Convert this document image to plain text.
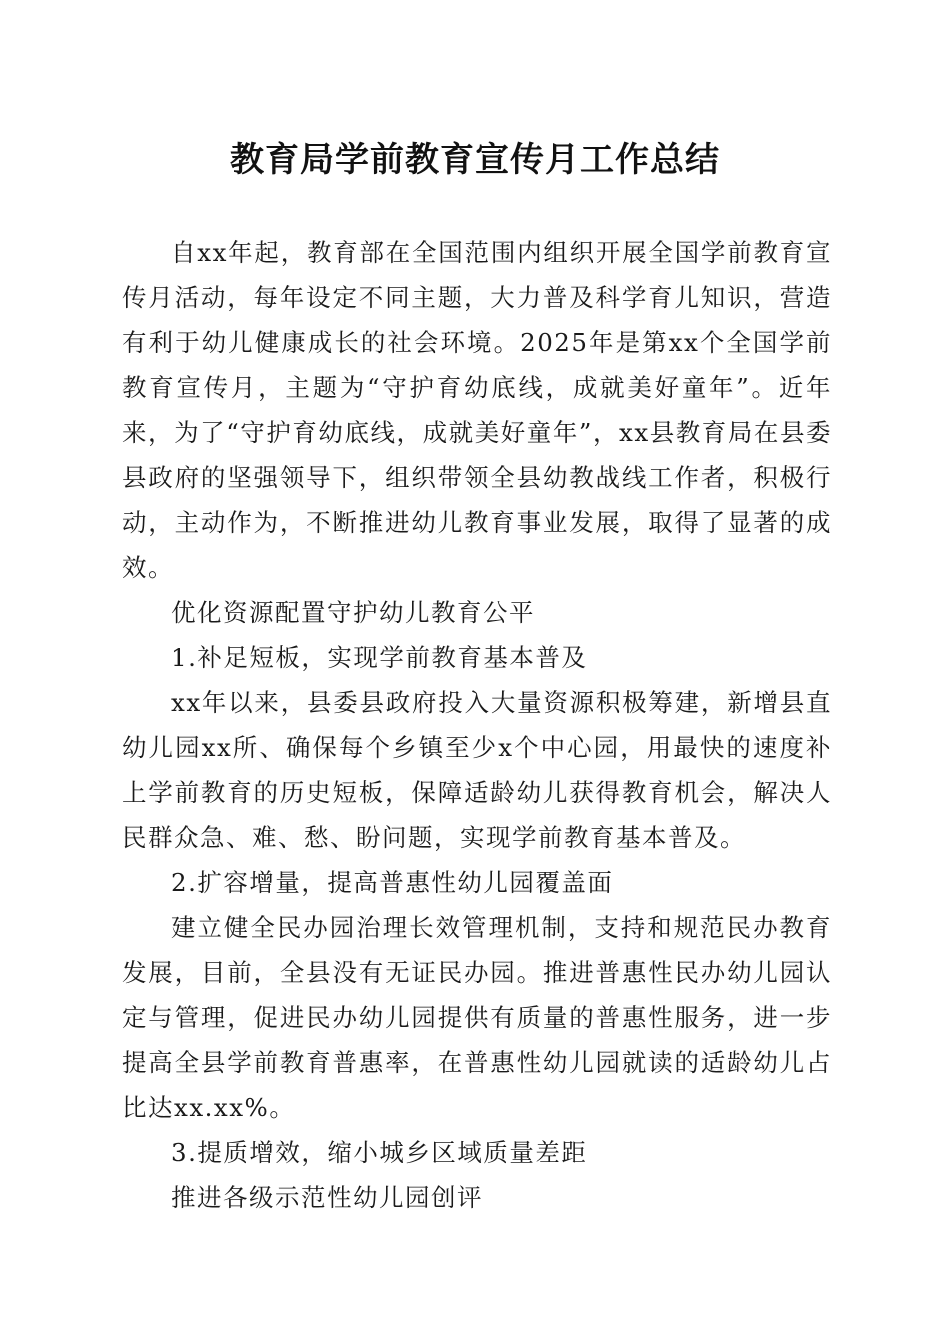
教育局学前教育宣传月工作总结

自xx年起，教育部在全国范围内组织开展全国学前教育宣传月活动，每年设定不同主题，大力普及科学育儿知识，营造有利于幼儿健康成长的社会环境。2025年是第xx个全国学前教育宣传月，主题为“守护育幼底线，成就美好童年”。近年来，为了“守护育幼底线，成就美好童年”，xx县教育局在县委县政府的坚强领导下，组织带领全县幼教战线工作者，积极行动，主动作为，不断推进幼儿教育事业发展，取得了显著的成效。

优化资源配置守护幼儿教育公平

1.补足短板，实现学前教育基本普及

xx年以来，县委县政府投入大量资源积极筹建，新增县直幼儿园xx所、确保每个乡镇至少x个中心园，用最快的速度补上学前教育的历史短板，保障适龄幼儿获得教育机会，解决人民群众急、难、愁、盼问题，实现学前教育基本普及。

2.扩容增量，提高普惠性幼儿园覆盖面

建立健全民办园治理长效管理机制，支持和规范民办教育发展，目前，全县没有无证民办园。推进普惠性民办幼儿园认定与管理，促进民办幼儿园提供有质量的普惠性服务，进一步提高全县学前教育普惠率，在普惠性幼儿园就读的适龄幼儿占比达xx.xx%。

3.提质增效，缩小城乡区域质量差距

推进各级示范性幼儿园创评
